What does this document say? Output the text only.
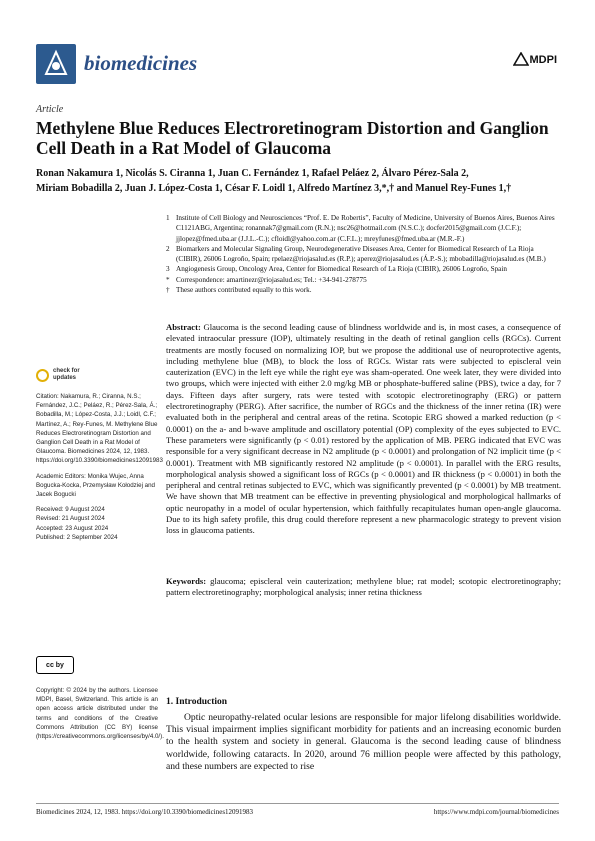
biomedicines	MDPI
Article
Methylene Blue Reduces Electroretinogram Distortion and Ganglion Cell Death in a Rat Model of Glaucoma
Ronan Nakamura 1, Nicolás S. Ciranna 1, Juan C. Fernández 1, Rafael Peláez 2, Álvaro Pérez-Sala 2,
Miriam Bobadilla 2, Juan J. López-Costa 1, César F. Loidl 1, Alfredo Martínez 3,*,† and Manuel Rey-Funes 1,†
1 Institute of Cell Biology and Neurosciences “Prof. E. De Robertis”, Faculty of Medicine, University of Buenos Aires, Buenos Aires C1121ABG, Argentina; ronannak7@gmail.com (R.N.); nsc26@hotmail.com (N.S.C.); docfer2015@gmail.com (J.C.F.); jjlopez@fmed.uba.ar (J.J.L.-C.); cfloidl@yahoo.com.ar (C.F.L.); mreyfunes@fmed.uba.ar (M.R.-F.)
2 Biomarkers and Molecular Signaling Group, Neurodegenerative Diseases Area, Center for Biomedical Research of La Rioja (CIBIR), 26006 Logroño, Spain; rpelaez@riojasalud.es (R.P.); aperez@riojasalud.es (Á.P.-S.); mbobadilla@riojasalud.es (M.B.)
3 Angiogenesis Group, Oncology Area, Center for Biomedical Research of La Rioja (CIBIR), 26006 Logroño, Spain
* Correspondence: amartinezr@riojasalud.es; Tel.: +34-941-278775
† These authors contributed equally to this work.
Abstract: Glaucoma is the second leading cause of blindness worldwide and is, in most cases, a consequence of elevated intraocular pressure (IOP), ultimately resulting in the death of retinal ganglion cells (RGCs). Current treatments are mostly focused on normalizing IOP, but we propose the additional use of neuroprotective agents, including methylene blue (MB), to block the loss of RGCs. Wistar rats were subjected to episcleral vein cauterization (EVC) in the left eye while the right eye was sham-operated. One week later, they were divided into two groups, which were injected with either 2.0 mg/kg MB or phosphate-buffered saline (PBS), twice a day, for 7 days. Fifteen days after surgery, rats were tested with scotopic electroretinography (ERG) or pattern electroretinography (PERG). After sacrifice, the number of RGCs and the thickness of the inner retina (IR) were evaluated both in the peripheral and central areas of the retina. Scotopic ERG showed a marked reduction (p < 0.0001) on the a- and b-wave amplitude and oscillatory potential (OP) complexity of the eyes subjected to EVC. These parameters were significantly (p < 0.01) restored by the application of MB. PERG indicated that EVC was responsible for a very significant decrease in N2 amplitude (p < 0.0001) and prolongation of N2 implicit time (p < 0.0001). Treatment with MB significantly restored N2 amplitude (p < 0.0001). In parallel with the ERG results, morphological analysis showed a significant loss of RGCs (p < 0.0001) and IR thickness (p < 0.0001) in both the peripheral and central retinas subjected to EVC, which was significantly prevented (p < 0.0001) by MB treatment. We have shown that MB treatment can be effective in preventing physiological and morphological hallmarks of optic neuropathy in a model of ocular hypertension, which faithfully recapitulates human open-angle glaucoma. Due to its high safety profile, this drug could therefore represent a new pharmacologic strategy to prevent vision loss in glaucoma patients.
Keywords: glaucoma; episcleral vein cauterization; methylene blue; rat model; scotopic electroretinography; pattern electroretinography; morphological analysis; inner retina thickness
check for
updates

Citation: Nakamura, R.; Ciranna, N.S.; Fernández, J.C.; Peláez, R.; Pérez-Sala, Á.; Bobadilla, M.; López-Costa, J.J.; Loidl, C.F.; Martínez, A.; Rey-Funes, M. Methylene Blue Reduces Electroretinogram Distortion and Ganglion Cell Death in a Rat Model of Glaucoma. Biomedicines 2024, 12, 1983. https://doi.org/10.3390/biomedicines12091983

Academic Editors: Monika Wujec, Anna Bogucka-Kocka, Przemysław Kołodziej and Jacek Bogucki

Received: 9 August 2024
Revised: 21 August 2024
Accepted: 23 August 2024
Published: 2 September 2024
cc by
Copyright: © 2024 by the authors. Licensee MDPI, Basel, Switzerland. This article is an open access article distributed under the terms and conditions of the Creative Commons Attribution (CC BY) license (https://creativecommons.org/licenses/by/4.0/).
1. Introduction
Optic neuropathy-related ocular lesions are responsible for major lifelong disabilities worldwide. This visual impairment implies significant morbidity for patients and an increasing economic burden to the health system and society in general. Glaucoma is the second leading cause of blindness worldwide, following cataracts. In 2020, around 76 million people were affected by this pathology, and these numbers are expected to rise
Biomedicines 2024, 12, 1983. https://doi.org/10.3390/biomedicines12091983	https://www.mdpi.com/journal/biomedicines
